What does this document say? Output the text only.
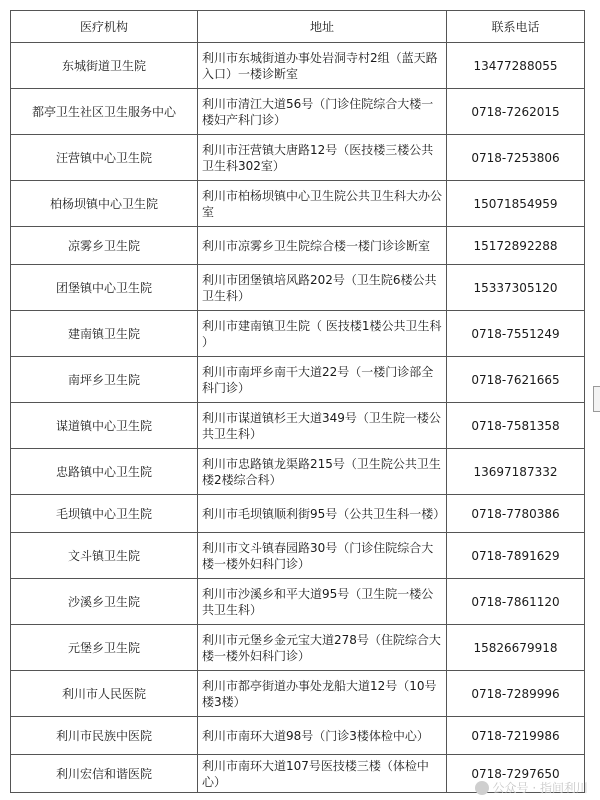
医疗机构	地址	联系电话
东城街道卫生院	利川市东城街道办事处岩洞寺村2组（蓝天路入口）一楼诊断室	13477288055
都亭卫生社区卫生服务中心	利川市清江大道56号（门诊住院综合大楼一楼妇产科门诊）	0718-7262015
汪营镇中心卫生院	利川市汪营镇大唐路12号（医技楼三楼公共卫生科302室）	0718-7253806
柏杨坝镇中心卫生院	利川市柏杨坝镇中心卫生院公共卫生科大办公室	15071854959
凉雾乡卫生院	利川市凉雾乡卫生院综合楼一楼门诊诊断室	15172892288
团堡镇中心卫生院	利川市团堡镇培风路202号（卫生院6楼公共卫生科）	15337305120
建南镇卫生院	利川市建南镇卫生院（ 医技楼1楼公共卫生科 ）	0718-7551249
南坪乡卫生院	利川市南坪乡南干大道22号（一楼门诊部全科门诊）	0718-7621665
谋道镇中心卫生院	利川市谋道镇杉王大道349号（卫生院一楼公共卫生科）	0718-7581358
忠路镇中心卫生院	利川市忠路镇龙渠路215号（卫生院公共卫生楼2楼综合科）	13697187332
毛坝镇中心卫生院	利川市毛坝镇顺利街95号（公共卫生科一楼）	0718-7780386
文斗镇卫生院	利川市文斗镇春园路30号（门诊住院综合大楼一楼外妇科门诊）	0718-7891629
沙溪乡卫生院	利川市沙溪乡和平大道95号（卫生院一楼公共卫生科）	0718-7861120
元堡乡卫生院	利川市元堡乡金元宝大道278号（住院综合大楼一楼外妇科门诊）	15826679918
利川市人民医院	利川市都亭街道办事处龙船大道12号（10号楼3楼）	0718-7289996
利川市民族中医院	利川市南环大道98号（门诊3楼体检中心）	0718-7219986
利川宏信和谐医院	利川市南环大道107号医技楼三楼（体检中心）	0718-7297650
公众号 · 指间利川
